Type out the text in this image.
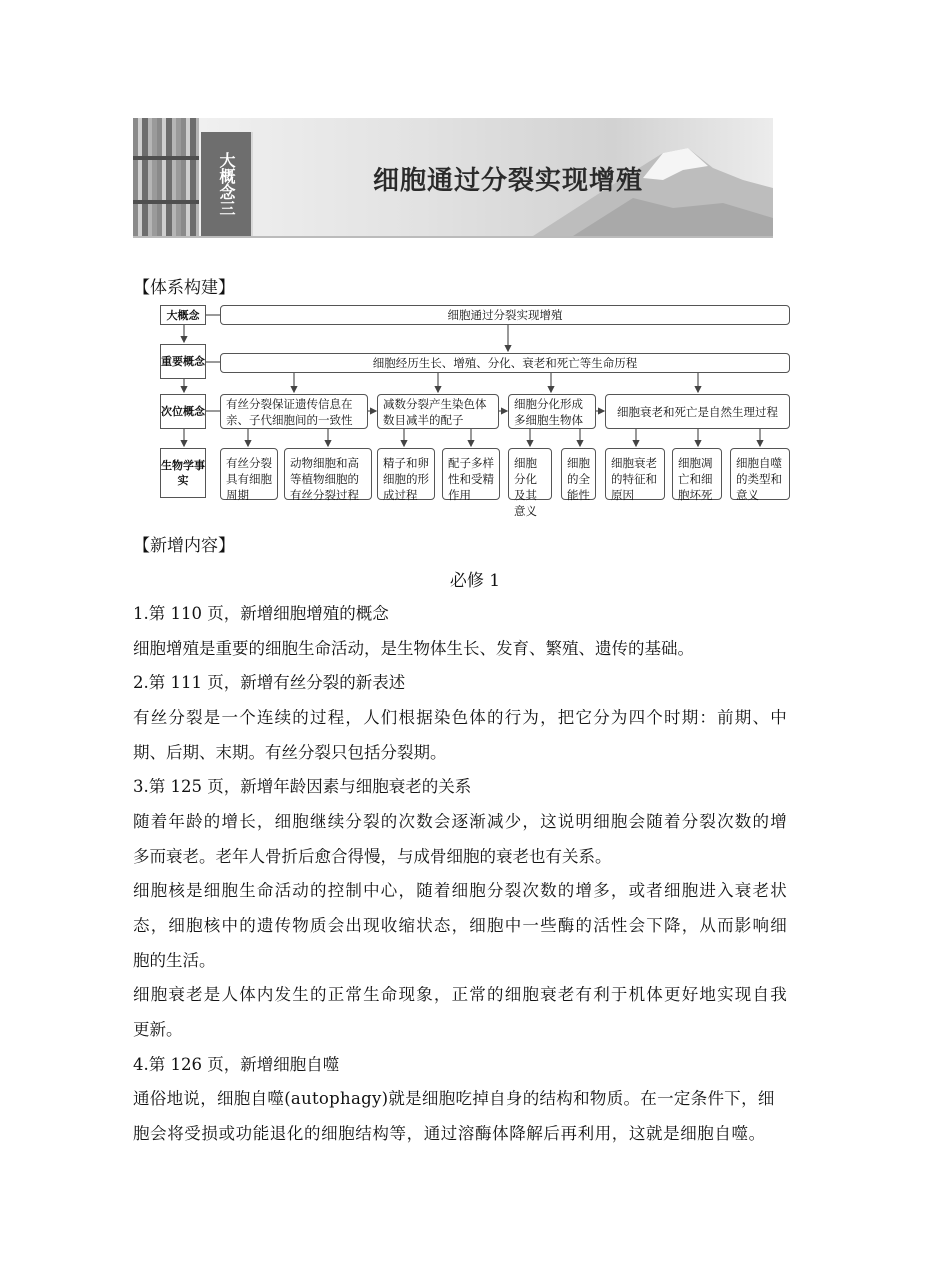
大概念三	细胞通过分裂实现增殖
【体系构建】
大概念
重要概念
次位概念
生物学事实
细胞通过分裂实现增殖
细胞经历生长、增殖、分化、衰老和死亡等生命历程
有丝分裂保证遗传信息在亲、子代细胞间的一致性
减数分裂产生染色体数目减半的配子
细胞分化形成多细胞生物体
细胞衰老和死亡是自然生理过程
有丝分裂具有细胞周期
动物细胞和高等植物细胞的有丝分裂过程
精子和卵细胞的形成过程
配子多样性和受精作用
细胞分化及其意义
细胞的全能性
细胞衰老的特征和原因
细胞凋亡和细胞坏死
细胞自噬的类型和意义
【新增内容】
必修 1
1.第 110 页，新增细胞增殖的概念
细胞增殖是重要的细胞生命活动，是生物体生长、发育、繁殖、遗传的基础。
2.第 111 页，新增有丝分裂的新表述
有丝分裂是一个连续的过程，人们根据染色体的行为，把它分为四个时期：前期、中
期、后期、末期。有丝分裂只包括分裂期。
3.第 125 页，新增年龄因素与细胞衰老的关系
随着年龄的增长，细胞继续分裂的次数会逐渐减少，这说明细胞会随着分裂次数的增
多而衰老。老年人骨折后愈合得慢，与成骨细胞的衰老也有关系。
细胞核是细胞生命活动的控制中心，随着细胞分裂次数的增多，或者细胞进入衰老状
态，细胞核中的遗传物质会出现收缩状态，细胞中一些酶的活性会下降，从而影响细
胞的生活。
细胞衰老是人体内发生的正常生命现象，正常的细胞衰老有利于机体更好地实现自我
更新。
4.第 126 页，新增细胞自噬
通俗地说，细胞自噬(autophagy)就是细胞吃掉自身的结构和物质。在一定条件下，细
胞会将受损或功能退化的细胞结构等，通过溶酶体降解后再利用，这就是细胞自噬。
